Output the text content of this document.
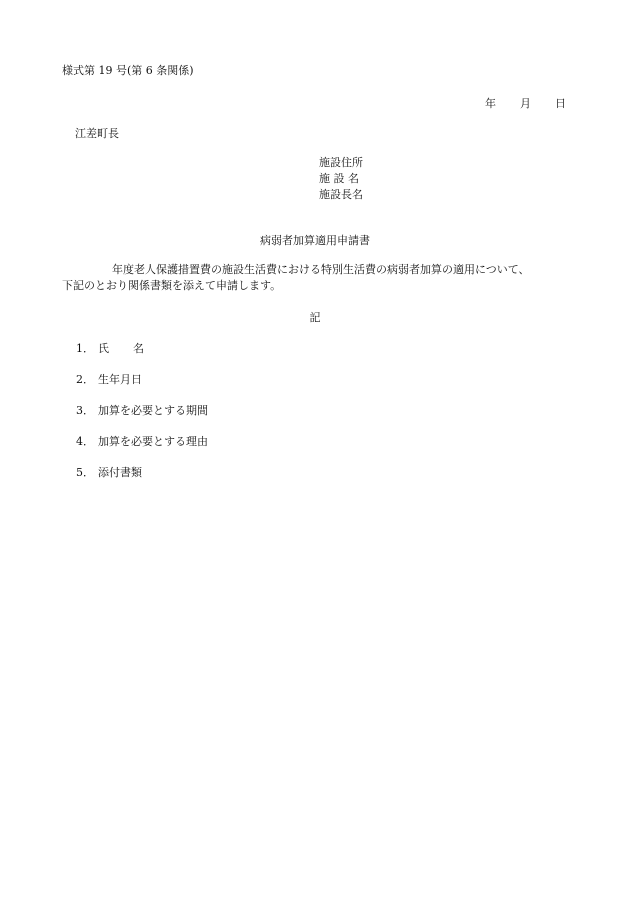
様式第 19 号(第 6 条関係)
年 月 日
江差町長
施設住所
施 設 名
施設長名
病弱者加算適用申請書
年度老人保護措置費の施設生活費における特別生活費の病弱者加算の適用について、
下記のとおり関係書類を添えて申請します。
記
1． 氏 名
2． 生年月日
3． 加算を必要とする期間
4． 加算を必要とする理由
5． 添付書類
